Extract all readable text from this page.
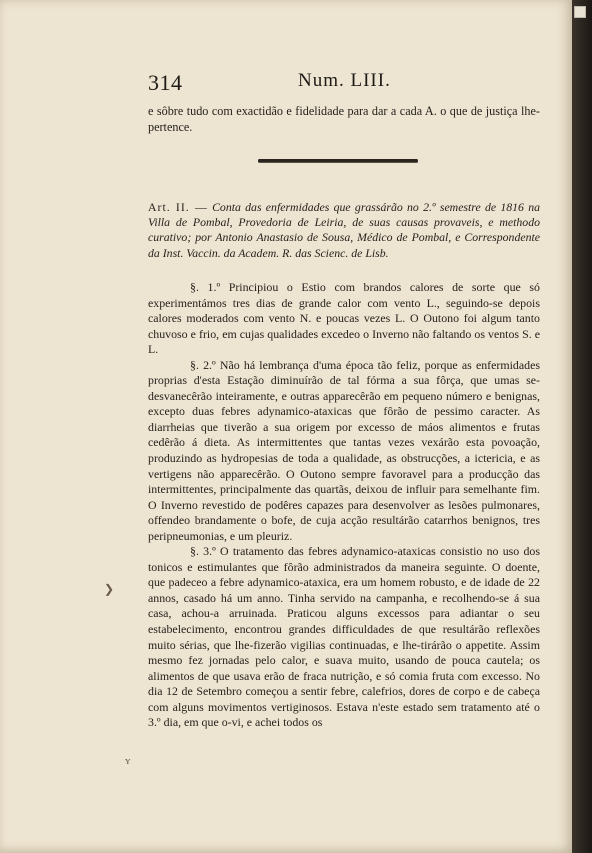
314	Num. LIII.

e sôbre tudo com exactidão e fidelidade para dar a cada A. o que de justiça lhe-pertence.

Art. II. — Conta das enfermidades que grassárão no 2.º semestre de 1816 na Villa de Pombal, Provedoria de Leiria, de suas causas provaveis, e methodo curativo; por Antonio Anastasio de Sousa, Médico de Pombal, e Correspondente da Inst. Vaccin. da Academ. R. das Scienc. de Lisb.

§. 1.º Principiou o Estio com brandos calores de sorte que só experimentámos tres dias de grande calor com vento L., seguindo-se depois calores moderados com vento N. e poucas vezes L. O Outono foi algum tanto chuvoso e frio, em cujas qualidades excedeo o Inverno não faltando os ventos S. e L.

§. 2.º Não há lembrança d'uma época tão feliz, porque as enfermidades proprias d'esta Estação diminuírão de tal fórma a sua fôrça, que umas se-desvanecêrão inteiramente, e outras apparecêrão em pequeno número e benignas, excepto duas febres adynamico-ataxicas que fôrão de pessimo caracter. As diarrheias que tiverão a sua origem por excesso de máos alimentos e frutas cedêrão á dieta. As intermittentes que tantas vezes vexárão esta povoação, produzindo as hydropesias de toda a qualidade, as obstrucções, a ictericia, e as vertigens não apparecêrão. O Outono sempre favoravel para a producção das intermittentes, principalmente das quartãs, deixou de influir para semelhante fim. O Inverno revestido de podêres capazes para desenvolver as lesões pulmonares, offendeo brandamente o bofe, de cuja acção resultárão catarrhos benignos, tres peripneumonias, e um pleuriz.

§. 3.º O tratamento das febres adynamico-ataxicas consistio no uso dos tonicos e estimulantes que fôrão administrados da maneira seguinte. O doente, que padeceo a febre adynamico-ataxica, era um homem robusto, e de idade de 22 annos, casado há um anno. Tinha servido na campanha, e recolhendo-se á sua casa, achou-a arruinada. Praticou alguns excessos para adiantar o seu estabelecimento, encontrou grandes difficuldades de que resultárão reflexões muito sérias, que lhe-fizerão vigilias continuadas, e lhe-tirárão o appetite. Assim mesmo fez jornadas pelo calor, e suava muito, usando de pouca cautela; os alimentos de que usava erão de fraca nutrição, e só comia fruta com excesso. No dia 12 de Setembro começou a sentir febre, calefrios, dores de corpo e de cabeça com alguns movimentos vertiginosos. Estava n'este estado sem tratamento até o 3.º dia, em que o-vi, e achei todos os

❯
ʏ
